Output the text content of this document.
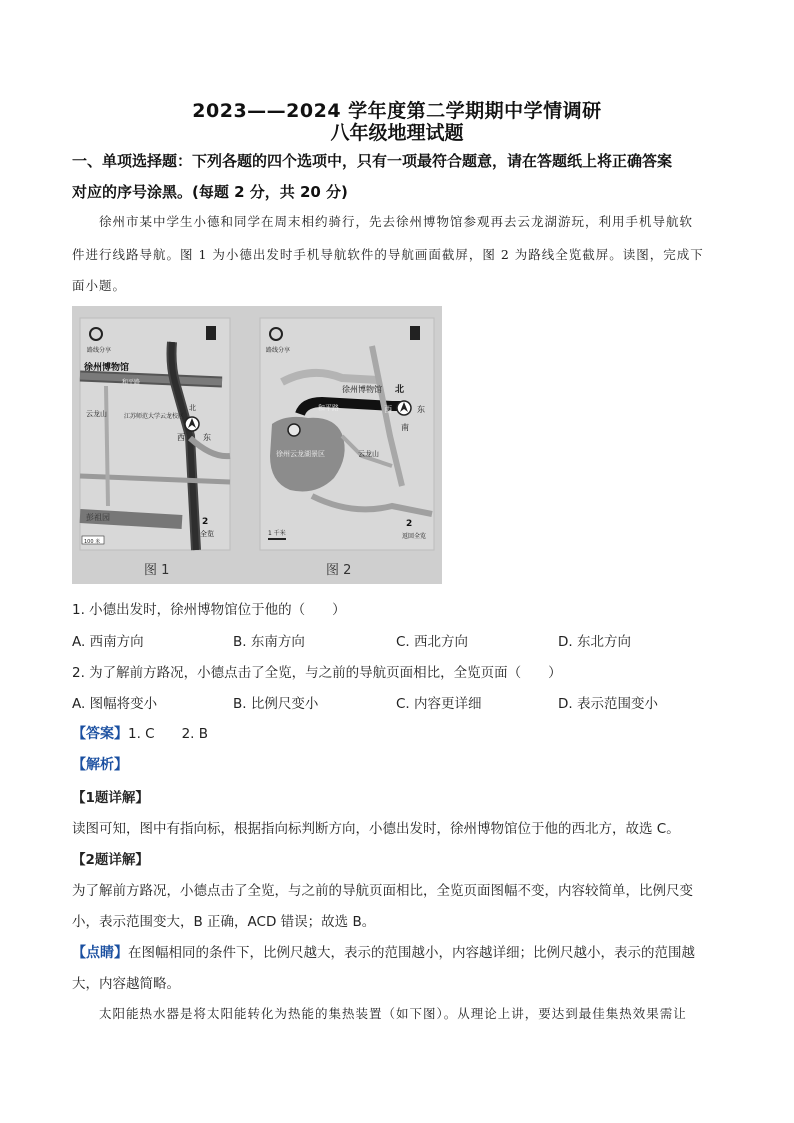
2023——2024 学年度第二学期期中学情调研
八年级地理试题
一、单项选择题：下列各题的四个选项中，只有一项最符合题意，请在答题纸上将正确答案
对应的序号涂黑。(每题 2 分，共 20 分)
徐州市某中学生小德和同学在周末相约骑行，先去徐州博物馆参观再去云龙湖游玩，利用手机导航软
件进行线路导航。图 1 为小德出发时手机导航软件的导航画面截屏，图 2 为路线全览截屏。读图，完成下
面小题。
路线分享
徐州博物馆
和平路
云龙山	江苏师范大学云龙校区
北
西 东
彭祖园	2
全览
100 米
路线分享
徐州博物馆 北
西	东
南
和平路
徐州云龙湖景区	云龙山
2
返回全览
1 千米
图 1	图 2
1. 小德出发时，徐州博物馆位于他的（　　）
A. 西南方向	B. 东南方向	C. 西北方向	D. 东北方向
2. 为了解前方路况，小德点击了全览，与之前的导航页面相比，全览页面（　　）
A. 图幅将变小	B. 比例尺变小	C. 内容更详细	D. 表示范围变小
【答案】1. C　　2. B
【解析】
【1题详解】
读图可知，图中有指向标，根据指向标判断方向，小德出发时，徐州博物馆位于他的西北方，故选 C。
【2题详解】
为了解前方路况，小德点击了全览，与之前的导航页面相比，全览页面图幅不变，内容较简单，比例尺变
小，表示范围变大，B 正确，ACD 错误；故选 B。
【点睛】在图幅相同的条件下，比例尺越大，表示的范围越小，内容越详细；比例尺越小，表示的范围越
大，内容越简略。
太阳能热水器是将太阳能转化为热能的集热装置（如下图）。从理论上讲，要达到最佳集热效果需让
